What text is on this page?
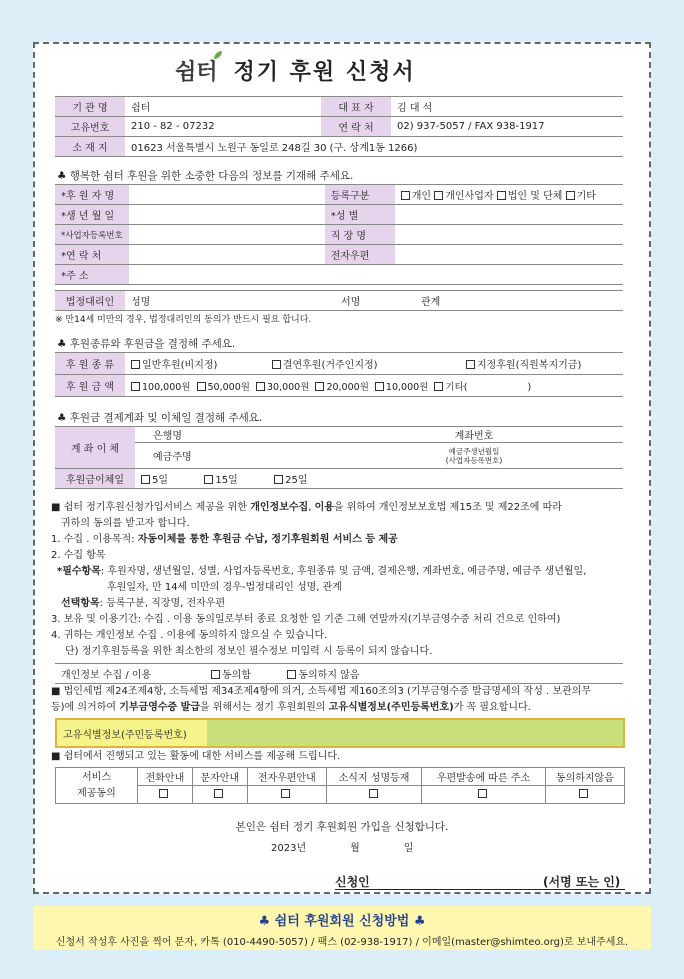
쉼터 정기 후원 신청서
기 관 명	쉼터	대 표 자	김 대 석
고유번호	210 - 82 - 07232	연 락 처	02) 937-5057 / FAX 938-1917
소 재 지	01623 서울특별시 노원구 동일로 248길 30 (구. 상계1동 1266)		
♣ 행복한 쉼터 후원을 위한 소중한 다음의 정보를 기재해 주세요.
*후 원 자 명		등록구분	개인 개인사업자 법인 및 단체 기타
*생 년 월 일		*성 별	
*사업자등록번호		직 장 명	
*연 락 처		전자우편	
*주 소			
법정대리인	성명	서명	관계
※ 만14세 미만의 경우, 법정대리인의 동의가 반드시 필요 합니다.
♣ 후원종류와 후원금을 결정해 주세요.
후 원 종 류	일반후원(비지정) 결연후원(거주인지정) 지정후원(직원복지기금)
후 원 금 액	100,000원 50,000원 30,000원 20,000원 10,000원 기타( )
♣ 후원금 결제계좌 및 이체일 결정해 주세요.
계 좌 이 체	은행명	계좌번호
	예금주명	예금주생년월일
(사업자등록번호)

후원금이체일	5일 15일 25일	
■ 쉼터 정기후원신청가입서비스 제공을 위한 개인정보수집, 이용을 위하여 개인정보보호법 제15조 및 제22조에 따라
귀하의 동의를 받고자 합니다.
1. 수집 . 이용목적: 자동이체를 통한 후원금 수납, 정기후원회원 서비스 등 제공
2. 수집 항목
*필수항목: 후원자명, 생년월일, 성별, 사업자등록번호, 후원종류 및 금액, 결제은행, 계좌번호, 예금주명, 예금주 생년월일,
후원일자, 만 14세 미만의 경우-법정대리인 성명, 관계
선택항목: 등록구분, 직장명, 전자우편
3. 보유 및 이용기간: 수집 . 이용 동의일로부터 종료 요청한 일 기준 그해 연말까지(기부금영수증 처리 건으로 인하여)
4. 귀하는 개인정보 수집 . 이용에 동의하지 않으실 수 있습니다.
단) 정기후원등록을 위한 최소한의 정보인 필수정보 미입력 시 등록이 되지 않습니다.
개인정보 수집 / 이용	동의함	동의하지 않음
■ 법인세법 제24조제4항, 소득세법 제34조제4항에 의거, 소득세법 제160조의3 (기부금영수증 발급명세의 작성 . 보관의무
등)에 의거하여 기부금영수증 발급을 위해서는 정기 후원회원의 고유식별정보(주민등록번호)가 꼭 필요합니다.
고유식별정보(주민등록번호)
■ 쉼터에서 진행되고 있는 활동에 대한 서비스를 제공해 드립니다.
서비스
제공동의	전화안내	문자안내	전자우편안내	소식지 성명등재	우편발송에 따른 주소	동의하지않음

본인은 쉼터 정기 후원회원 가입을 신청합니다.
2023년	월	일
신청인	(서명 또는 인)
♣ 쉼터 후원회원 신청방법 ♣
신청서 작성후 사진을 찍어 문자, 카톡 (010-4490-5057) / 팩스 (02-938-1917) / 이메일(master@shimteo.org)로 보내주세요.
